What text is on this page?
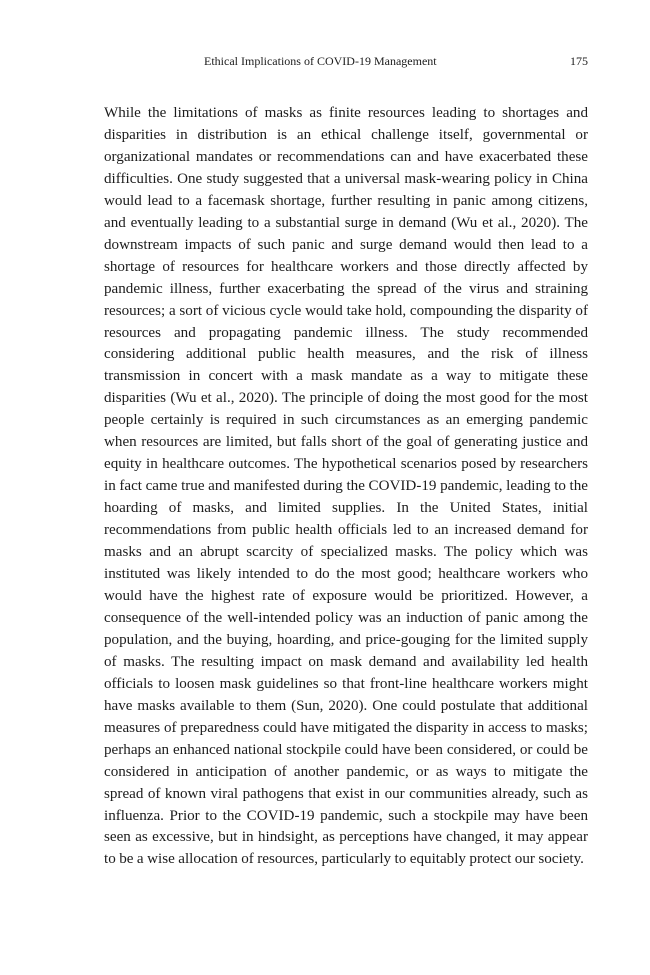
Ethical Implications of COVID-19 Management	175

While the limitations of masks as finite resources leading to shortages and disparities in distribution is an ethical challenge itself, governmental or organizational mandates or recommendations can and have exacerbated these difficulties. One study suggested that a universal mask-wearing policy in China would lead to a facemask shortage, further resulting in panic among citizens, and eventually leading to a substantial surge in demand (Wu et al., 2020). The downstream impacts of such panic and surge demand would then lead to a shortage of resources for healthcare workers and those directly affected by pandemic illness, further exacerbating the spread of the virus and straining resources; a sort of vicious cycle would take hold, compounding the disparity of resources and propagating pandemic illness. The study recommended considering additional public health measures, and the risk of illness transmission in concert with a mask mandate as a way to mitigate these disparities (Wu et al., 2020). The principle of doing the most good for the most people certainly is required in such circumstances as an emerging pandemic when resources are limited, but falls short of the goal of generating justice and equity in healthcare outcomes. The hypothetical scenarios posed by researchers in fact came true and manifested during the COVID-19 pandemic, leading to the hoarding of masks, and limited supplies. In the United States, initial recommendations from public health officials led to an increased demand for masks and an abrupt scarcity of specialized masks. The policy which was instituted was likely intended to do the most good; healthcare workers who would have the highest rate of exposure would be prioritized. However, a consequence of the well-intended policy was an induction of panic among the population, and the buying, hoarding, and price-gouging for the limited supply of masks. The resulting impact on mask demand and availability led health officials to loosen mask guidelines so that front-line healthcare workers might have masks available to them (Sun, 2020). One could postulate that additional measures of preparedness could have mitigated the disparity in access to masks; perhaps an enhanced national stockpile could have been considered, or could be considered in anticipation of another pandemic, or as ways to mitigate the spread of known viral pathogens that exist in our communities already, such as influenza. Prior to the COVID-19 pandemic, such a stockpile may have been seen as excessive, but in hindsight, as perceptions have changed, it may appear to be a wise allocation of resources, particularly to equitably protect our society.
